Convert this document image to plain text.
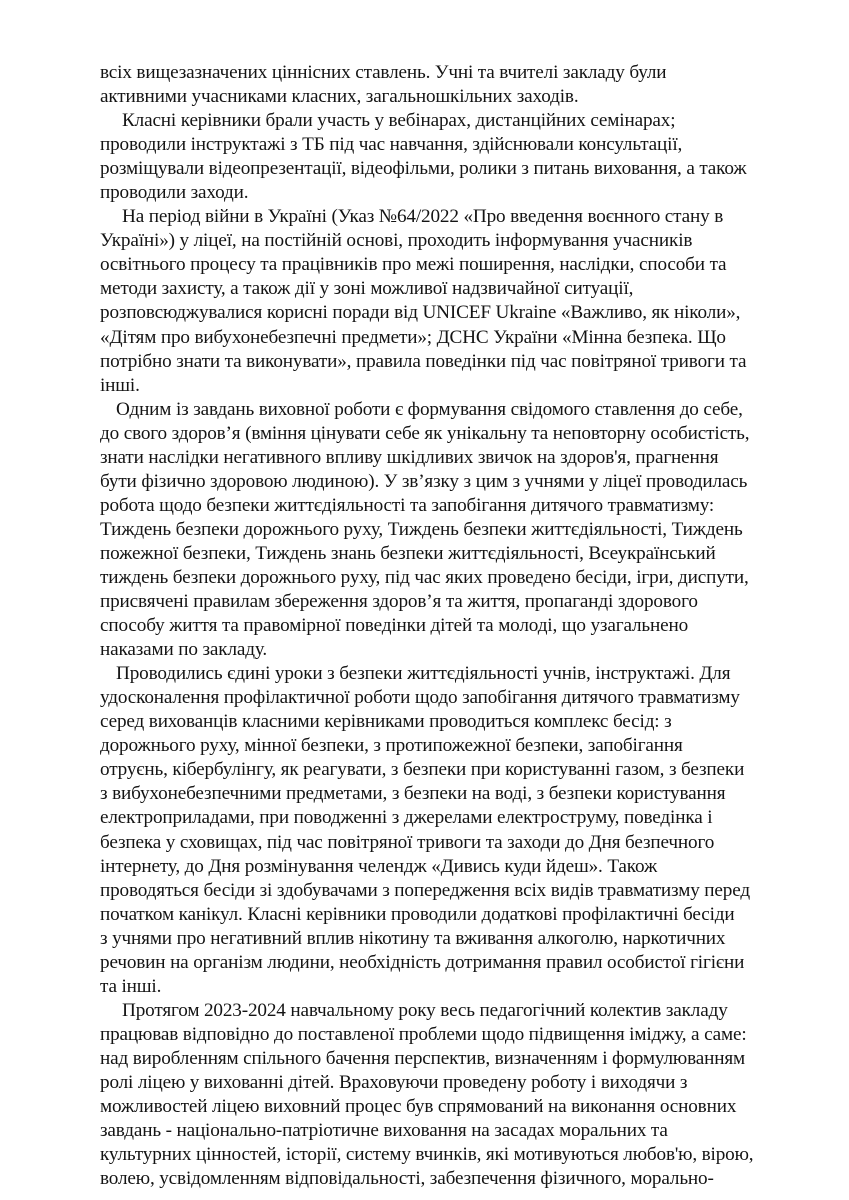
всіх вищезазначених ціннісних ставлень. Учні та вчителі закладу були
активними учасниками класних, загальношкільних заходів.

Класні керівники брали участь у вебінарах, дистанційних семінарах;
проводили інструктажі з ТБ під час навчання, здійснювали консультації,
розміщували відеопрезентації, відеофільми, ролики з питань виховання, а також
проводили заходи.

На період війни в Україні (Указ №64/2022 «Про введення воєнного стану в
Україні») у ліцеї, на постійній основі, проходить інформування учасників
освітнього процесу та працівників про межі поширення, наслідки, способи та
методи захисту, а також дії у зоні можливої надзвичайної ситуації,
розповсюджувалися корисні поради від UNICEF Ukraine «Важливо, як ніколи»,
«Дітям про вибухонебезпечні предмети»; ДСНС України «Мінна безпека. Що
потрібно знати та виконувати», правила поведінки під час повітряної тривоги та
інші.

Одним із завдань виховної роботи є формування свідомого ставлення до себе,
до свого здоров’я (вміння цінувати себе як унікальну та неповторну особистість,
знати наслідки негативного впливу шкідливих звичок на здоров'я, прагнення
бути фізично здоровою людиною). У зв’язку з цим з учнями у ліцеї проводилась
робота щодо безпеки життєдіяльності та запобігання дитячого травматизму:
Тиждень безпеки дорожнього руху, Тиждень безпеки життєдіяльності, Тиждень
пожежної безпеки, Тиждень знань безпеки життєдіяльності, Всеукраїнський
тиждень безпеки дорожнього руху, під час яких проведено бесіди, ігри, диспути,
присвячені правилам збереження здоров’я та життя, пропаганді здорового
способу життя та правомірної поведінки дітей та молоді, що узагальнено
наказами по закладу.

Проводились єдині уроки з безпеки життєдіяльності учнів, інструктажі. Для
удосконалення профілактичної роботи щодо запобігання дитячого травматизму
серед вихованців класними керівниками проводиться комплекс бесід: з
дорожнього руху, мінної безпеки, з протипожежної безпеки, запобігання
отруєнь, кібербулінгу, як реагувати, з безпеки при користуванні газом, з безпеки
з вибухонебезпечними предметами, з безпеки на воді, з безпеки користування
електроприладами, при поводженні з джерелами електроструму, поведінка і
безпека у сховищах, під час повітряної тривоги та заходи до Дня безпечного
інтернету, до Дня розмінування челендж «Дивись куди йдеш». Також
проводяться бесіди зі здобувачами з попередження всіх видів травматизму перед
початком канікул. Класні керівники проводили додаткові профілактичні бесіди
з учнями про негативний вплив нікотину та вживання алкоголю, наркотичних
речовин на організм людини, необхідність дотримання правил особистої гігієни
та інші.

Протягом 2023-2024 навчальному року весь педагогічний колектив закладу
працював відповідно до поставленої проблеми щодо підвищення іміджу, а саме:
над виробленням спільного бачення перспектив, визначенням і формулюванням
ролі ліцею у вихованні дітей. Враховуючи проведену роботу і виходячи з
можливостей ліцею виховний процес був спрямований на виконання основних
завдань - національно-патріотичне виховання на засадах моральних та
культурних цінностей, історії, систему вчинків, які мотивуються любов'ю, вірою,
волею, усвідомленням відповідальності, забезпечення фізичного, морально-
